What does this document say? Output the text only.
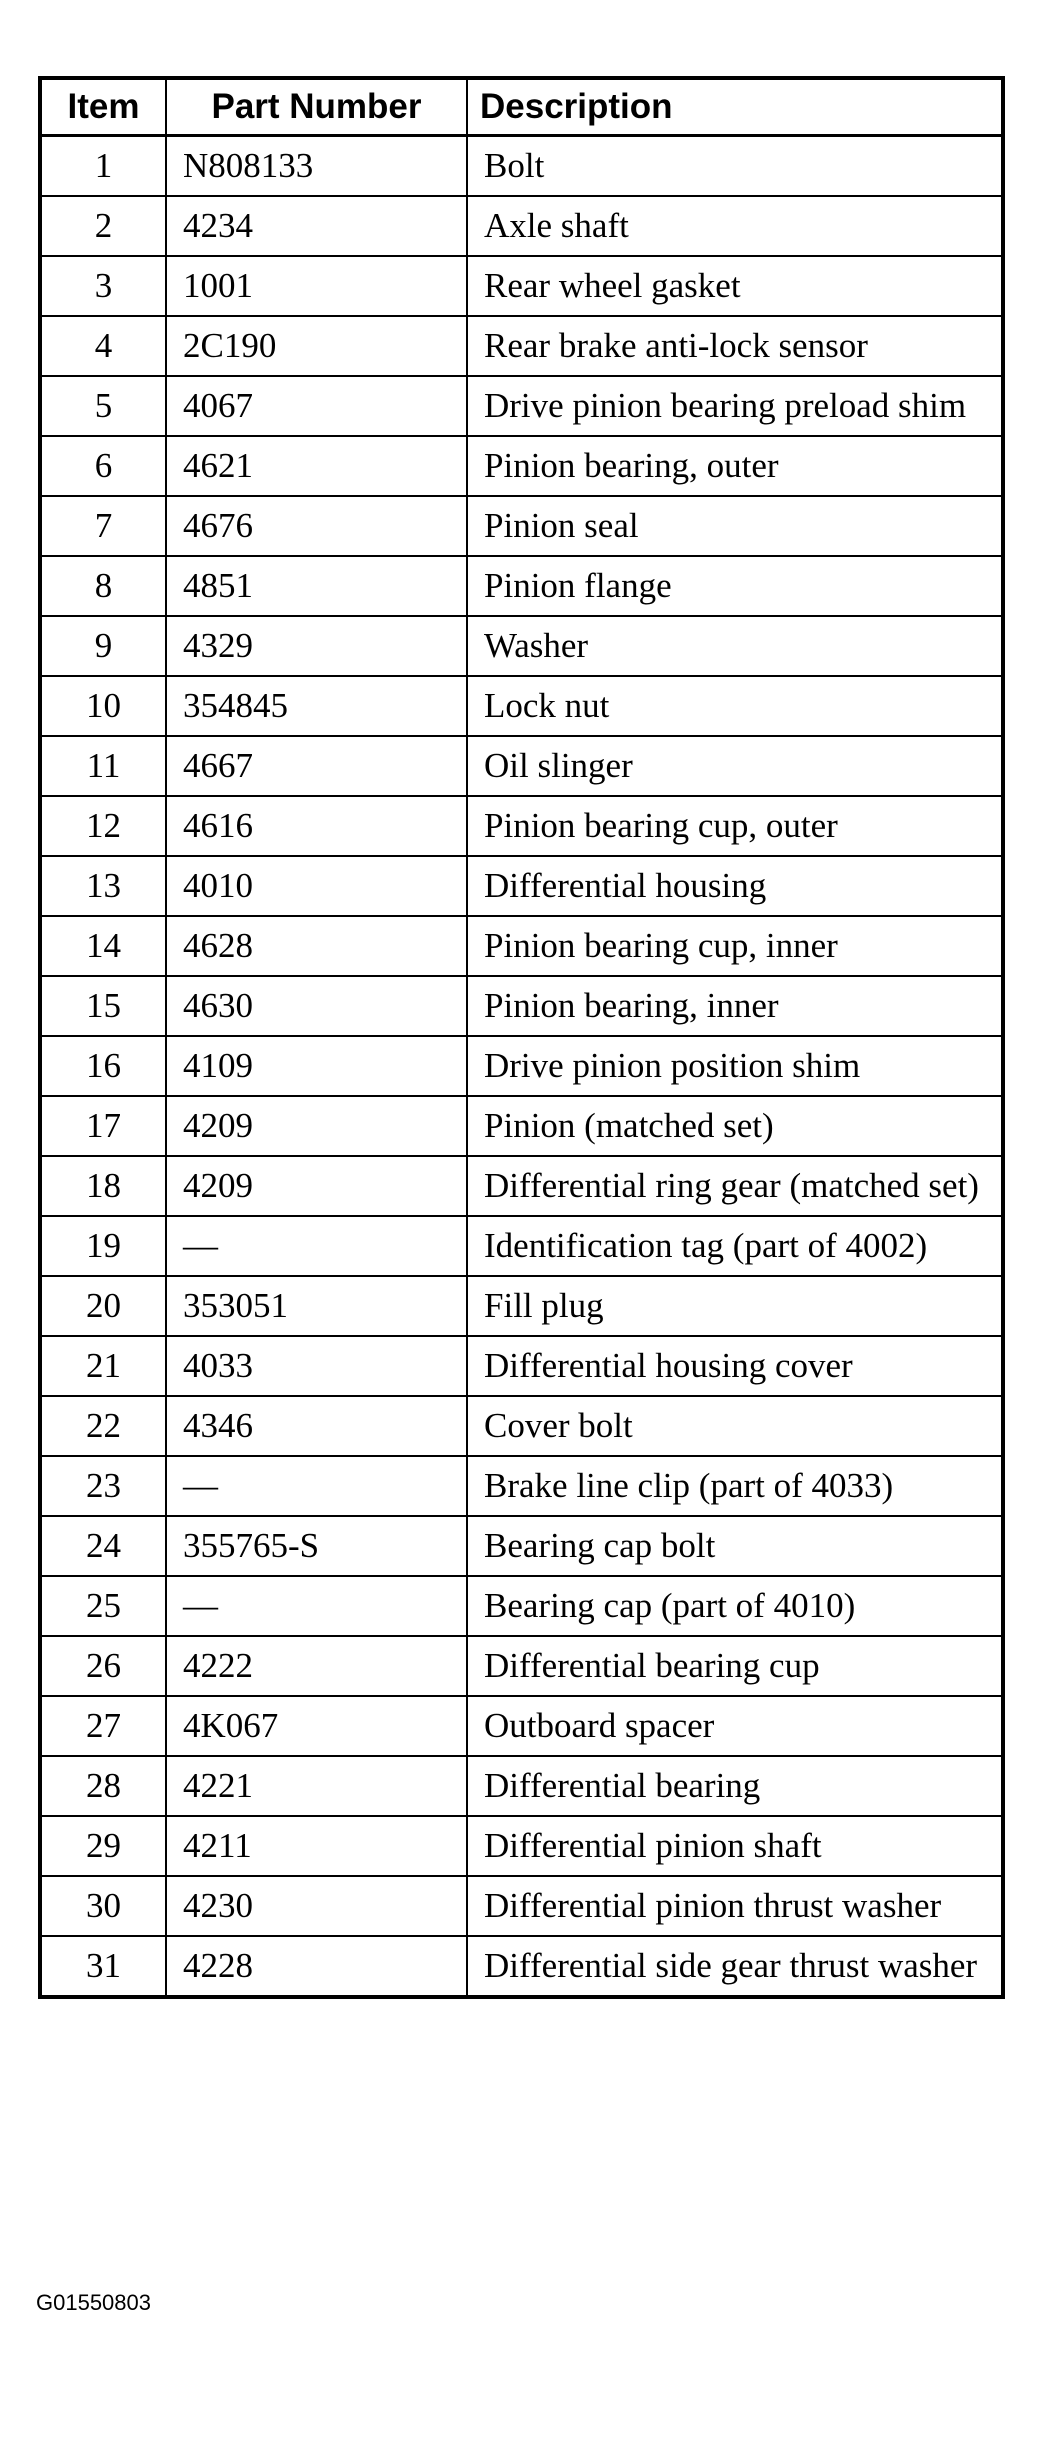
Item	Part Number	Description
1	N808133	Bolt
2	4234	Axle shaft
3	1001	Rear wheel gasket
4	2C190	Rear brake anti-lock sensor
5	4067	Drive pinion bearing preload shim
6	4621	Pinion bearing, outer
7	4676	Pinion seal
8	4851	Pinion flange
9	4329	Washer
10	354845	Lock nut
11	4667	Oil slinger
12	4616	Pinion bearing cup, outer
13	4010	Differential housing
14	4628	Pinion bearing cup, inner
15	4630	Pinion bearing, inner
16	4109	Drive pinion position shim
17	4209	Pinion (matched set)
18	4209	Differential ring gear (matched set)
19	—	Identification tag (part of 4002)
20	353051	Fill plug
21	4033	Differential housing cover
22	4346	Cover bolt
23	—	Brake line clip (part of 4033)
24	355765-S	Bearing cap bolt
25	—	Bearing cap (part of 4010)
26	4222	Differential bearing cup
27	4K067	Outboard spacer
28	4221	Differential bearing
29	4211	Differential pinion shaft
30	4230	Differential pinion thrust washer
31	4228	Differential side gear thrust washer
G01550803
